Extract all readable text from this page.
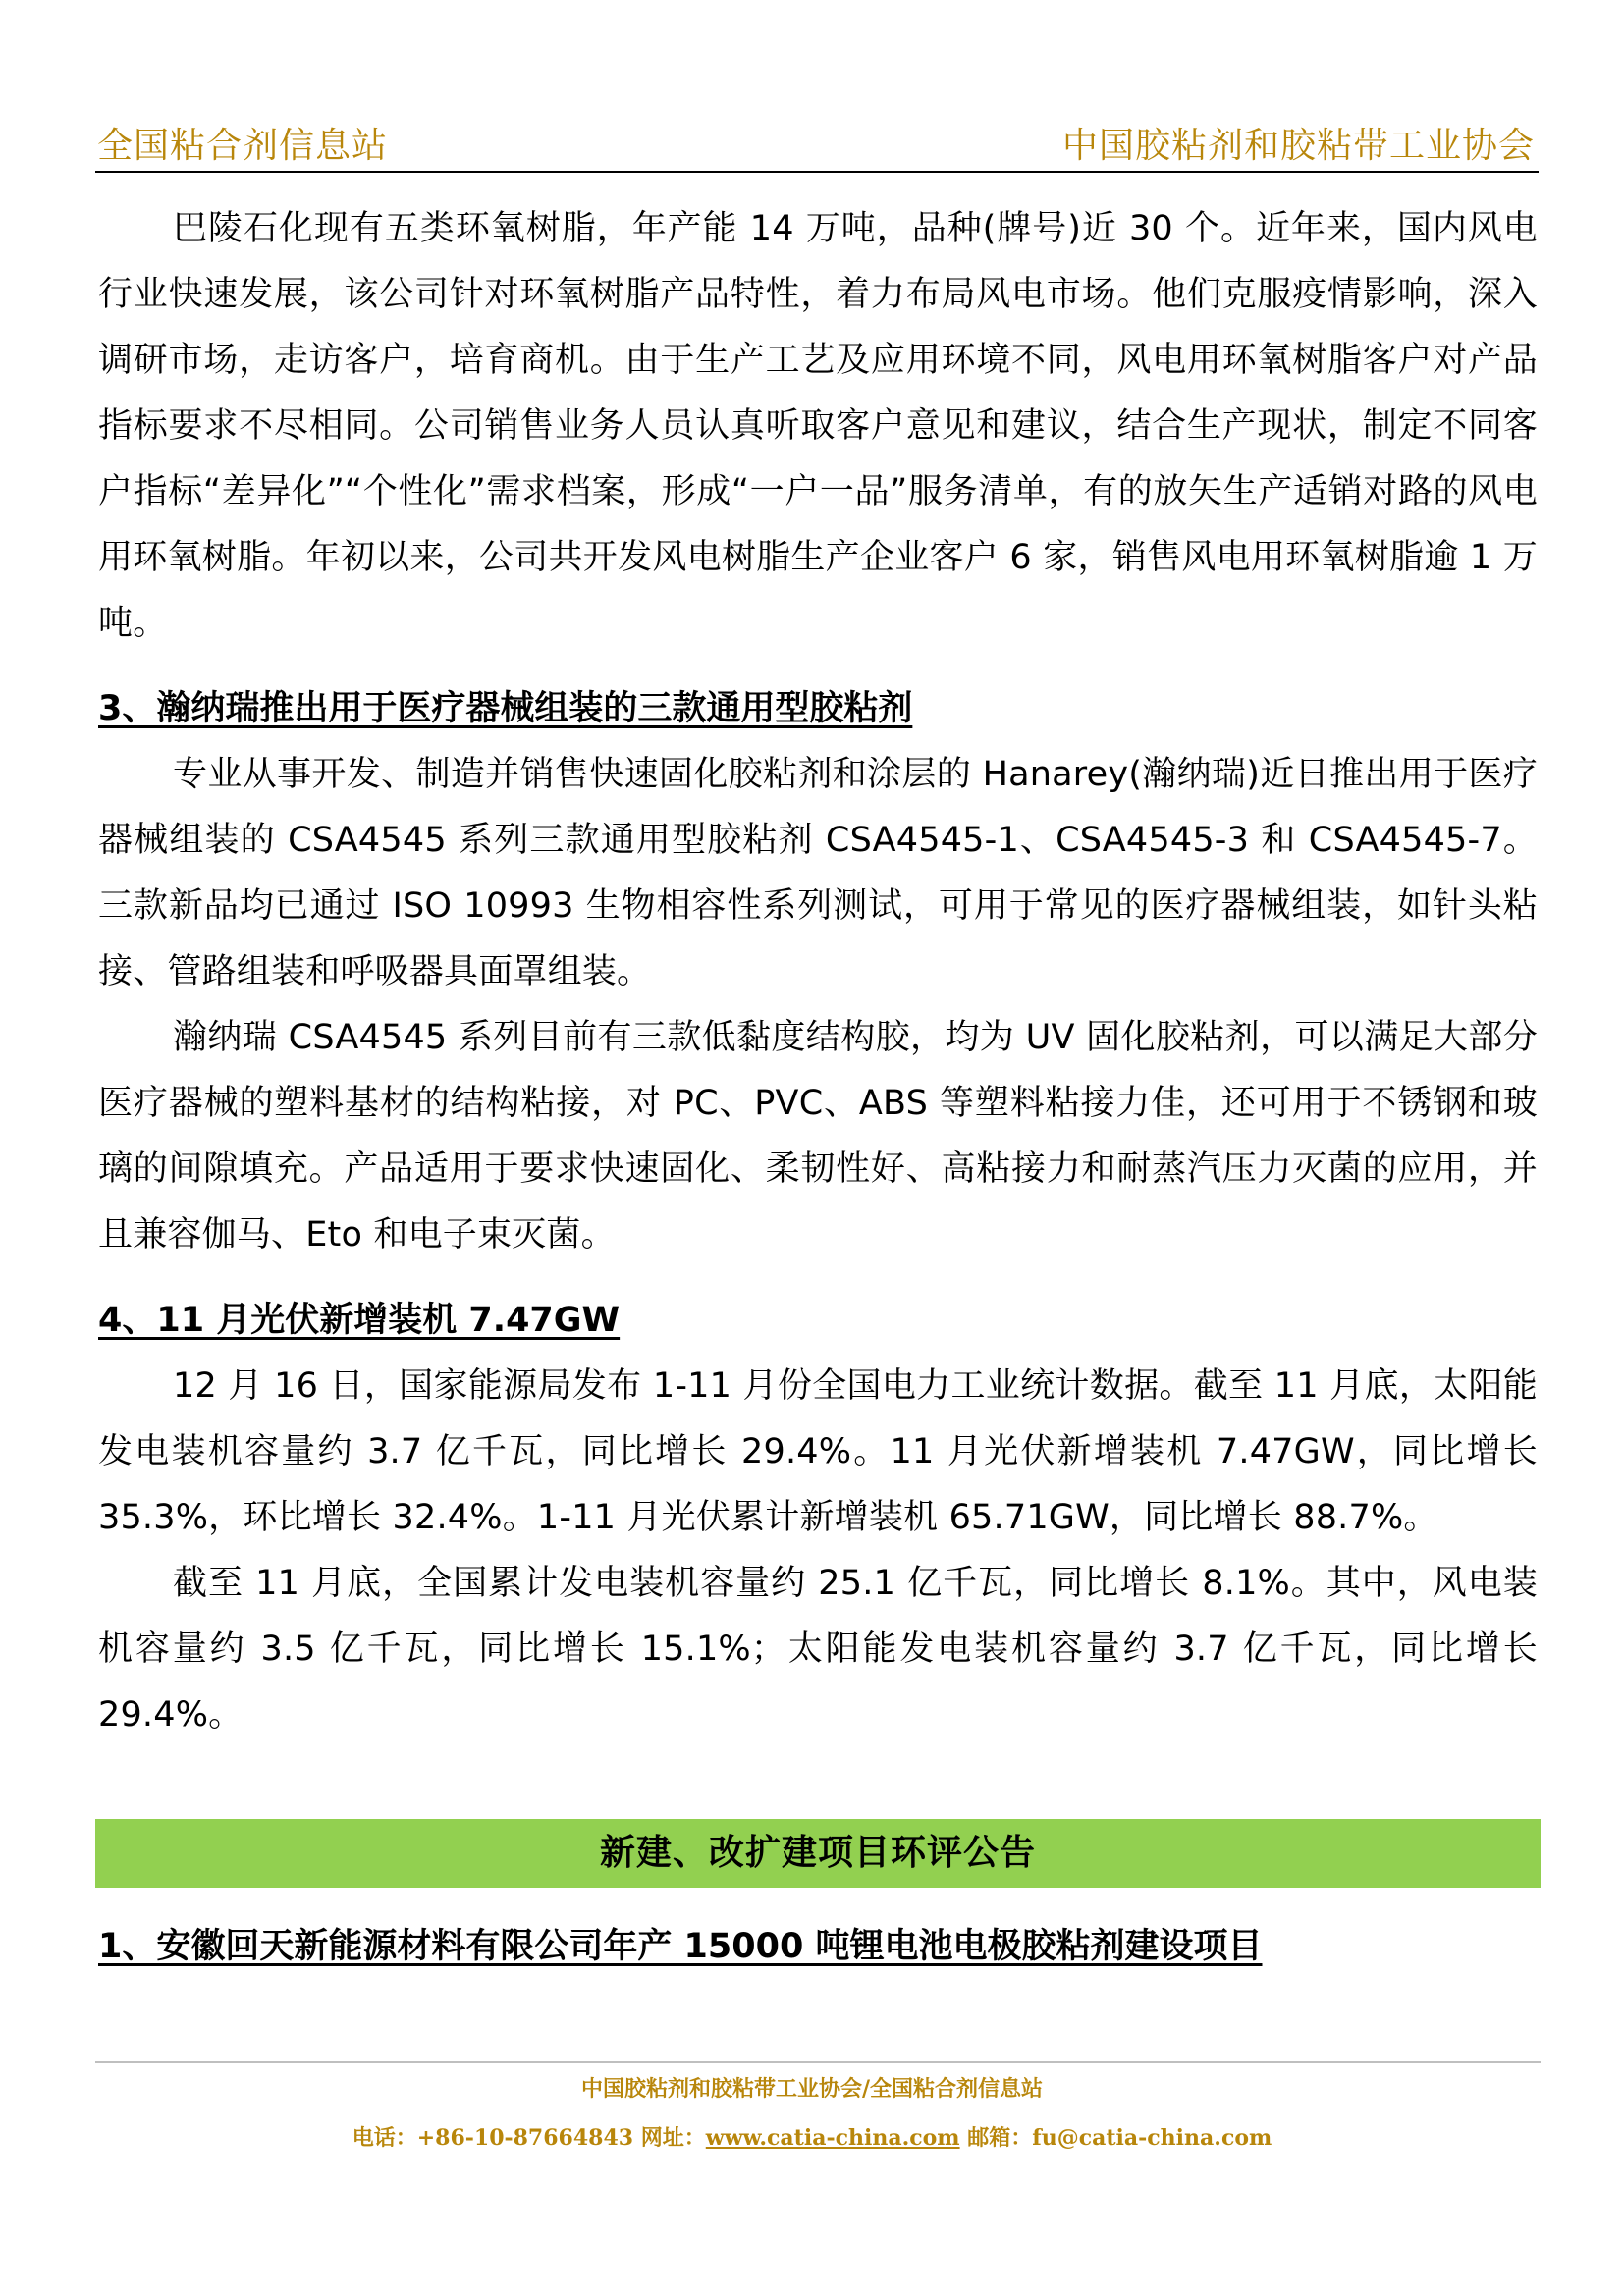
全国粘合剂信息站	中国胶粘剂和胶粘带工业协会

巴陵石化现有五类环氧树脂，年产能 14 万吨，品种(牌号)近 30 个。近年来，国内风电行业快速发展，该公司针对环氧树脂产品特性，着力布局风电市场。他们克服疫情影响，深入调研市场，走访客户，培育商机。由于生产工艺及应用环境不同，风电用环氧树脂客户对产品指标要求不尽相同。公司销售业务人员认真听取客户意见和建议，结合生产现状，制定不同客户指标“差异化”“个性化”需求档案，形成“一户一品”服务清单，有的放矢生产适销对路的风电用环氧树脂。年初以来，公司共开发风电树脂生产企业客户 6 家，销售风电用环氧树脂逾 1 万吨。

3、瀚纳瑞推出用于医疗器械组装的三款通用型胶粘剂

专业从事开发、制造并销售快速固化胶粘剂和涂层的 Hanarey(瀚纳瑞)近日推出用于医疗器械组装的 CSA4545 系列三款通用型胶粘剂 CSA4545-1、CSA4545-3 和 CSA4545-7。三款新品均已通过 ISO 10993 生物相容性系列测试，可用于常见的医疗器械组装，如针头粘接、管路组装和呼吸器具面罩组装。

瀚纳瑞 CSA4545 系列目前有三款低黏度结构胶，均为 UV 固化胶粘剂，可以满足大部分医疗器械的塑料基材的结构粘接，对 PC、PVC、ABS 等塑料粘接力佳，还可用于不锈钢和玻璃的间隙填充。产品适用于要求快速固化、柔韧性好、高粘接力和耐蒸汽压力灭菌的应用，并且兼容伽马、Eto 和电子束灭菌。

4、11 月光伏新增装机 7.47GW

12 月 16 日，国家能源局发布 1-11 月份全国电力工业统计数据。截至 11 月底，太阳能发电装机容量约 3.7 亿千瓦，同比增长 29.4%。11 月光伏新增装机 7.47GW，同比增长 35.3%，环比增长 32.4%。1-11 月光伏累计新增装机 65.71GW，同比增长 88.7%。

截至 11 月底，全国累计发电装机容量约 25.1 亿千瓦，同比增长 8.1%。其中，风电装机容量约 3.5 亿千瓦，同比增长 15.1%；太阳能发电装机容量约 3.7 亿千瓦，同比增长 29.4%。

新建、改扩建项目环评公告

1、安徽回天新能源材料有限公司年产 15000 吨锂电池电极胶粘剂建设项目

中国胶粘剂和胶粘带工业协会/全国粘合剂信息站
电话：+86-10-87664843 网址：www.catia-china.com 邮箱：fu@catia-china.com
